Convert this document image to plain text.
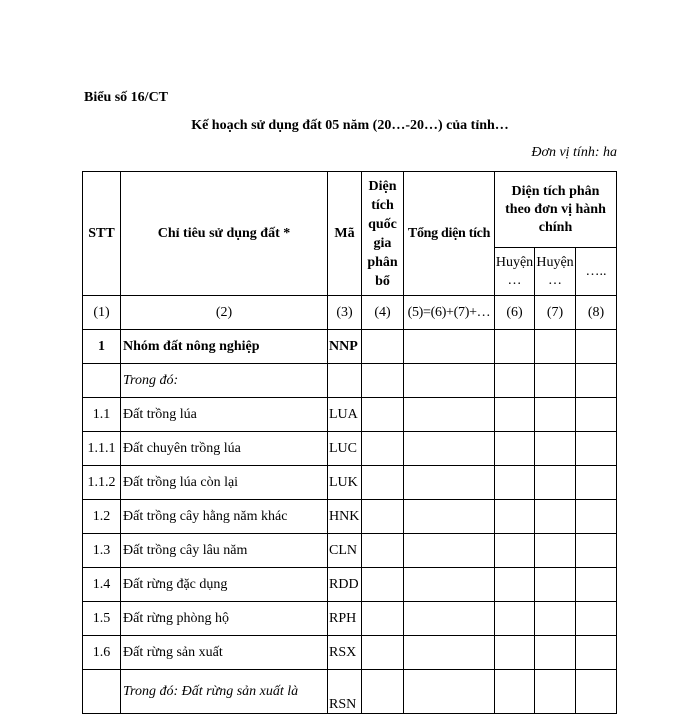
Biểu số 16/CT
Kế hoạch sử dụng đất 05 năm (20…-20…) của tỉnh…
Đơn vị tính: ha
STT	Chỉ tiêu sử dụng đất *	Mã	Diện tích quốc gia phân bổ	Tổng diện tích	Diện tích phân theo đơn vị hành chính		
					Huyện …	Huyện …	…..
(1)	(2)	(3)	(4)	(5)=(6)+(7)+…	(6)	(7)	(8)
1	Nhóm đất nông nghiệp	NNP					
	Trong đó:						
1.1	Đất trồng lúa	LUA					
1.1.1	Đất chuyên trồng lúa	LUC					
1.1.2	Đất trồng lúa còn lại	LUK					
1.2	Đất trồng cây hằng năm khác	HNK					
1.3	Đất trồng cây lâu năm	CLN					
1.4	Đất rừng đặc dụng	RDD					
1.5	Đất rừng phòng hộ	RPH					
1.6	Đất rừng sản xuất	RSX					
	Trong đó: Đất rừng sản xuất là	RSN					
